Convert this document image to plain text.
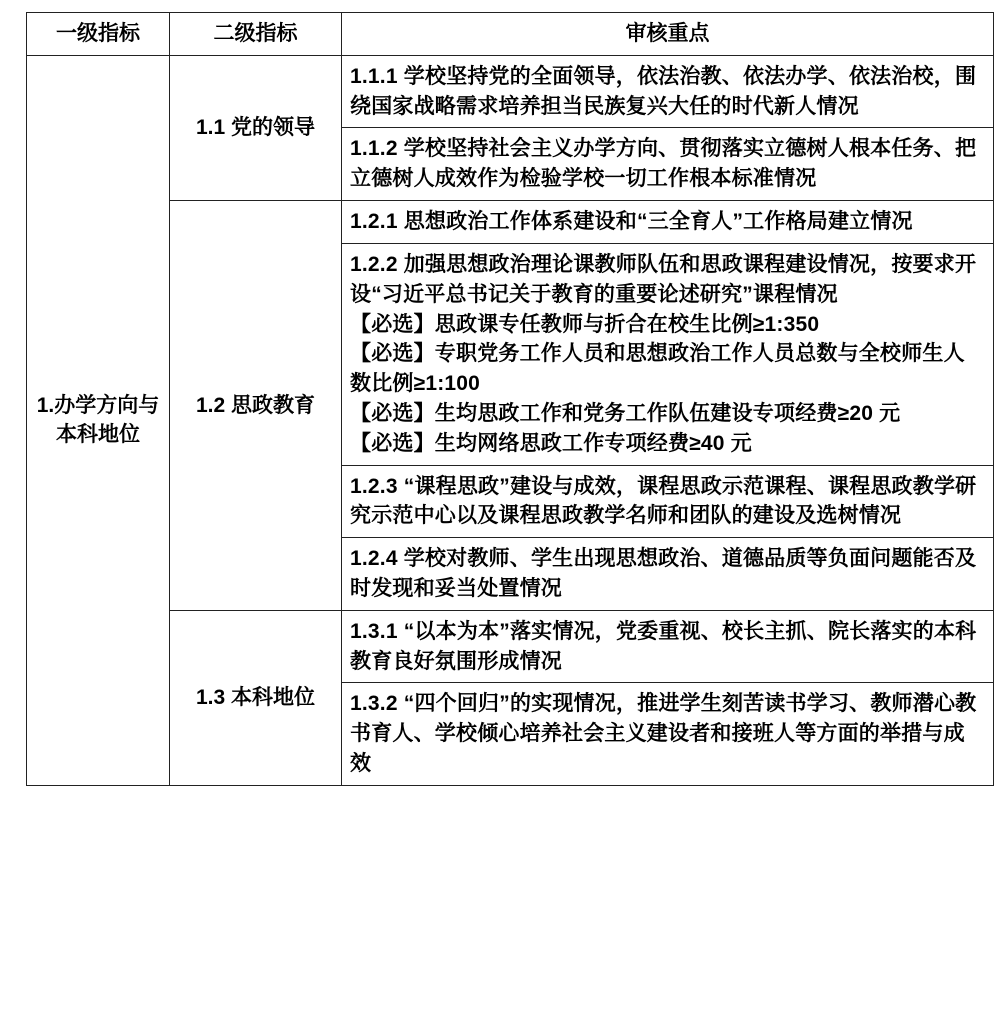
一级指标	二级指标	审核重点
1.办学方向与本科地位	1.1 党的领导	1.1.1 学校坚持党的全面领导，依法治教、依法办学、依法治校，围绕国家战略需求培养担当民族复兴大任的时代新人情况
		1.1.2 学校坚持社会主义办学方向、贯彻落实立德树人根本任务、把立德树人成效作为检验学校一切工作根本标准情况
	1.2 思政教育	1.2.1 思想政治工作体系建设和“三全育人”工作格局建立情况

		1.2.2 加强思想政治理论课教师队伍和思政课程建设情况，按要求开设“习近平总书记关于教育的重要论述研究”课程情况
【必选】思政课专任教师与折合在校生比例≥1:350
【必选】专职党务工作人员和思想政治工作人员总数与全校师生人数比例≥1:100
【必选】生均思政工作和党务工作队伍建设专项经费≥20 元
【必选】生均网络思政工作专项经费≥40 元

		1.2.3 “课程思政”建设与成效，课程思政示范课程、课程思政教学研究示范中心以及课程思政教学名师和团队的建设及选树情况
		1.2.4 学校对教师、学生出现思想政治、道德品质等负面问题能否及时发现和妥当处置情况
	1.3 本科地位	1.3.1 “以本为本”落实情况，党委重视、校长主抓、院长落实的本科教育良好氛围形成情况
		1.3.2 “四个回归”的实现情况，推进学生刻苦读书学习、教师潜心教书育人、学校倾心培养社会主义建设者和接班人等方面的举措与成效
